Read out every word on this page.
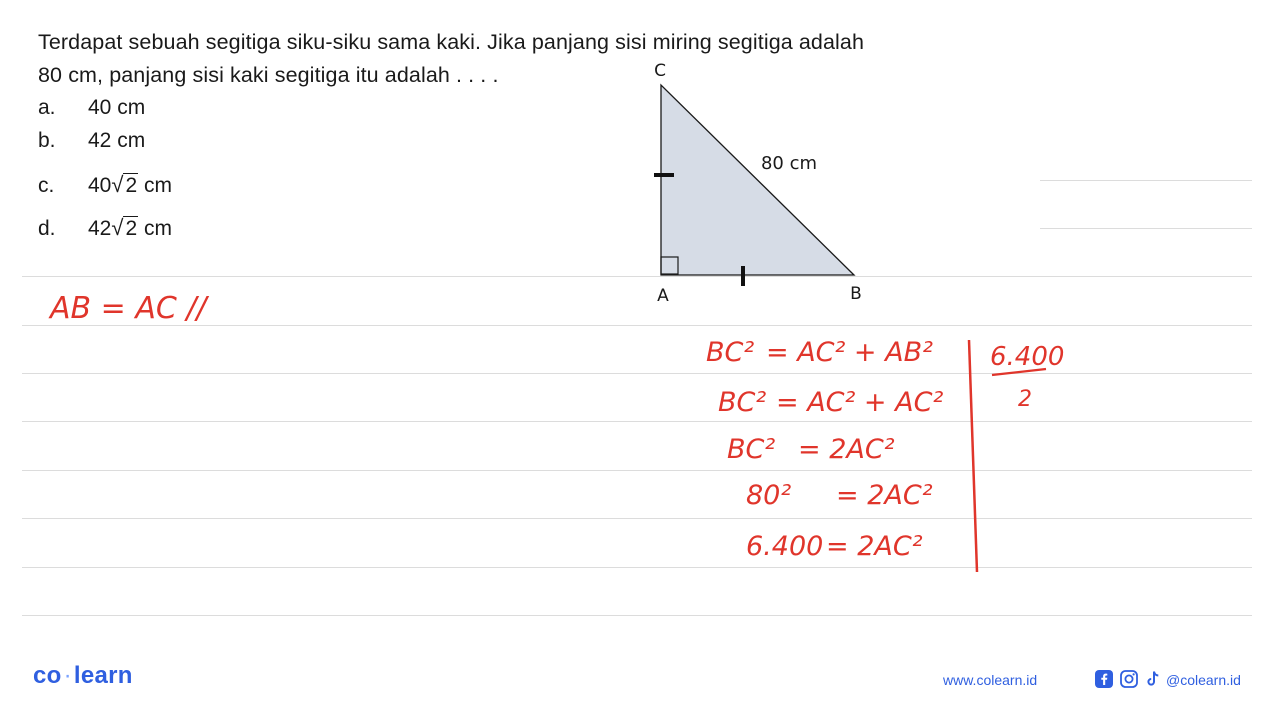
Terdapat sebuah segitiga siku-siku sama kaki. Jika panjang sisi miring segitiga adalah
80 cm, panjang sisi kaki segitiga itu adalah . . . .
a. 40 cm
b. 42 cm
c. 40√2 cm
d. 42√2 cm
C
A	B
80 cm
AB = AC //
BC² = AC² + AB²
BC² = AC² + AC²
BC² = 2AC²
80² = 2AC²
6.400 = 2AC²
6.400
2
co·learn	www.colearn.id	@colearn.id
